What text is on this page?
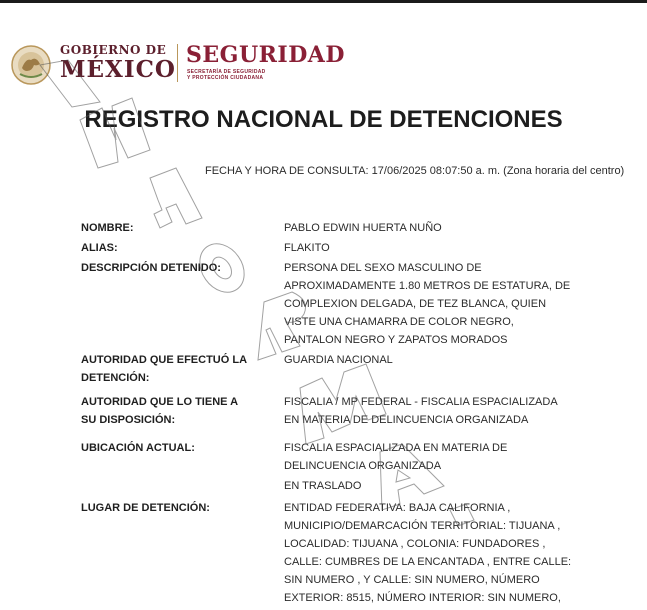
GOBIERNO DE
MÉXICO
SEGURIDAD
SECRETARÍA DE SEGURIDAD
Y PROTECCIÓN CIUDADANA
REGISTRO NACIONAL DE DETENCIONES
FECHA Y HORA DE CONSULTA: 17/06/2025 08:07:50 a. m. (Zona horaria del centro)
NOMBRE:	PABLO EDWIN HUERTA NUÑO
ALIAS:	FLAKITO
DESCRIPCIÓN DETENIDO:	PERSONA DEL SEXO MASCULINO DE
APROXIMADAMENTE 1.80 METROS DE ESTATURA, DE
COMPLEXION DELGADA, DE TEZ BLANCA, QUIEN
VISTE UNA CHAMARRA DE COLOR NEGRO,
PANTALON NEGRO Y ZAPATOS MORADOS
AUTORIDAD QUE EFECTUÓ LA
DETENCIÓN:
GUARDIA NACIONAL
AUTORIDAD QUE LO TIENE A
SU DISPOSICIÓN:
FISCALIA / MP FEDERAL - FISCALIA ESPACIALIZADA
EN MATERIA DE DELINCUENCIA ORGANIZADA
UBICACIÓN ACTUAL:	FISCALIA ESPACIALIZADA EN MATERIA DE
DELINCUENCIA ORGANIZADA
EN TRASLADO
LUGAR DE DETENCIÓN:	ENTIDAD FEDERATIVA: BAJA CALIFORNIA ,
MUNICIPIO/DEMARCACIÓN TERRITORIAL: TIJUANA ,
LOCALIDAD: TIJUANA , COLONIA: FUNDADORES ,
CALLE: CUMBRES DE LA ENCANTADA , ENTRE CALLE:
SIN NUMERO , Y CALLE: SIN NUMERO, NÚMERO
EXTERIOR: 8515, NÚMERO INTERIOR: SIN NUMERO,
